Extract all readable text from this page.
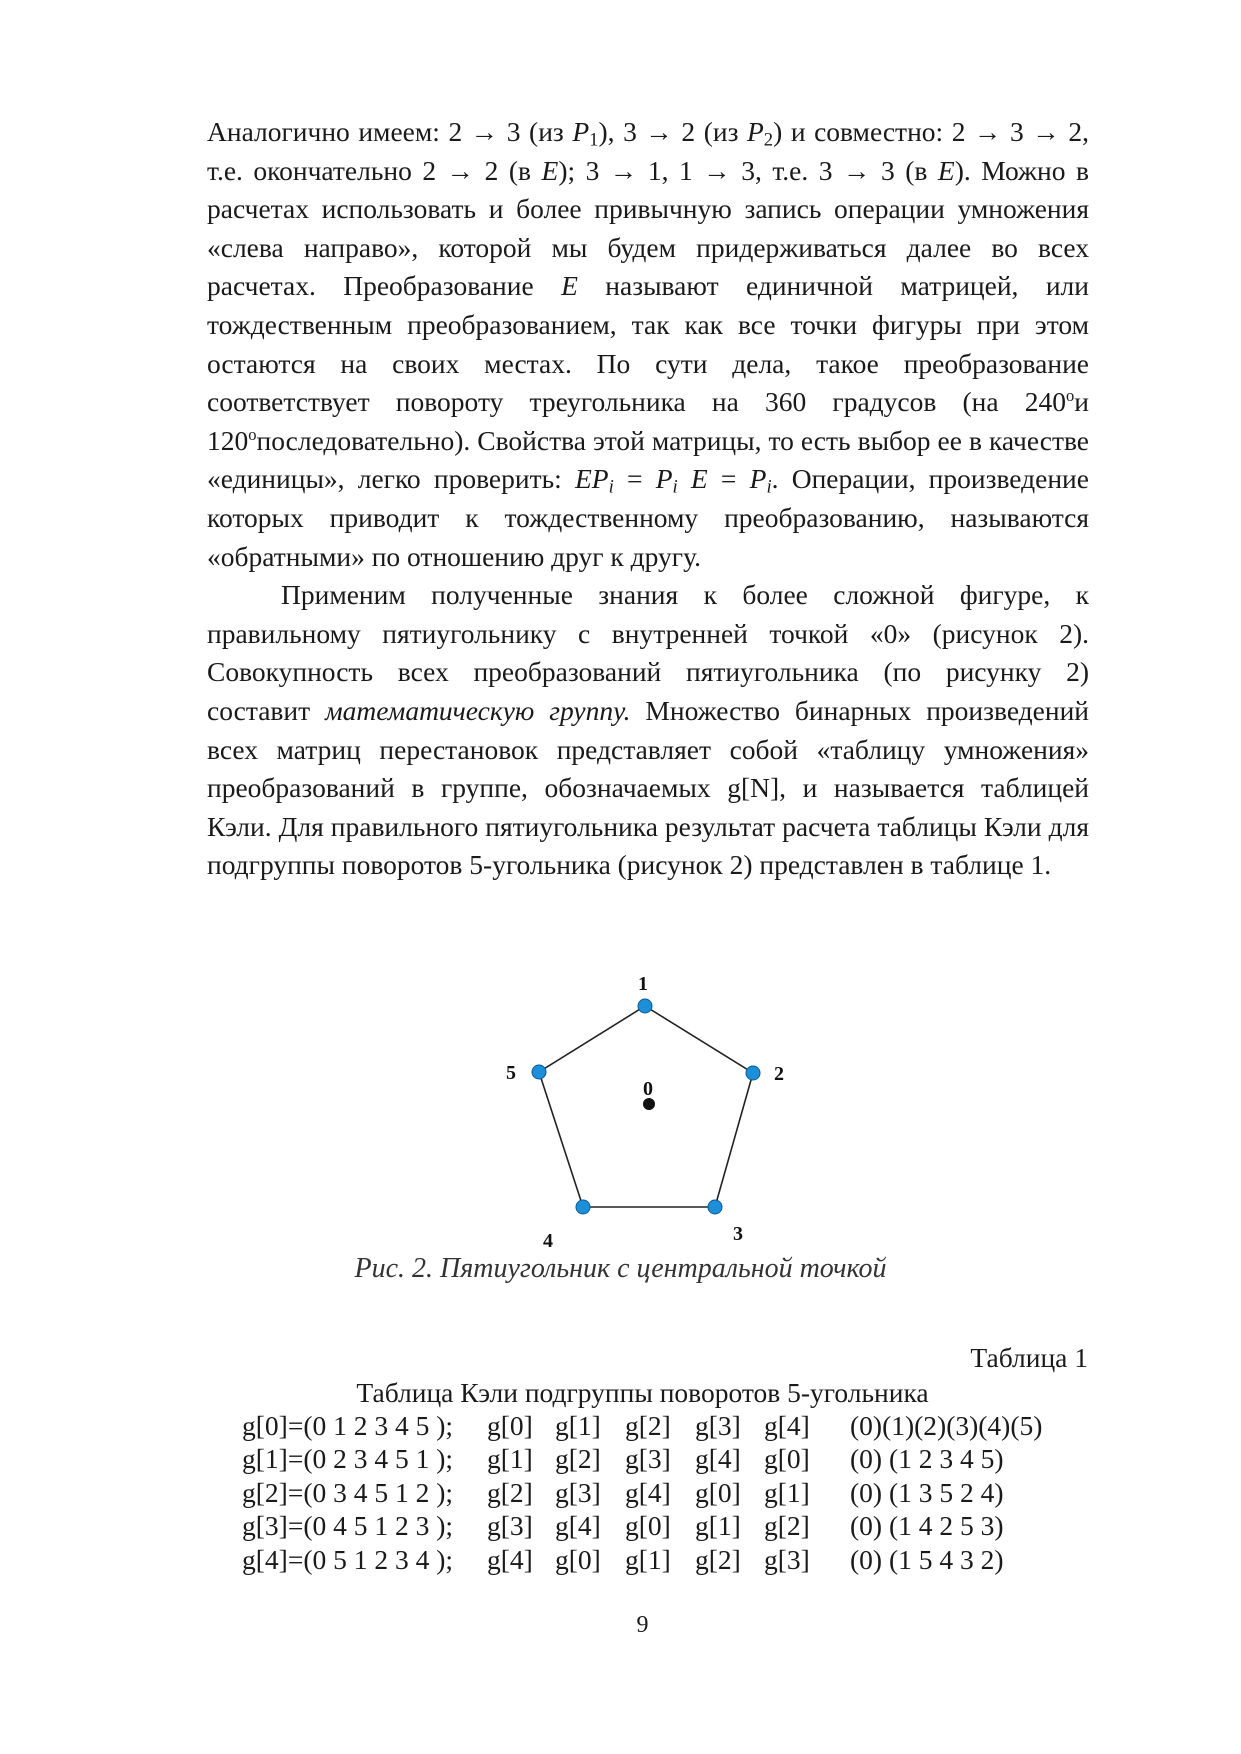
Аналогично имеем: 2 → 3 (из $P_1$), 3 → 2 (из $P_2$) и совместно: 2 → 3 → 2, т.е. окончательно 2 → 2 (в E); 3 → 1, 1 → 3, т.е. 3 → 3 (в E). Можно в расчетах использовать и более привычную запись операции умножения «слева направо», которой мы будем придерживаться далее во всех расчетах. Преобразование E называют единичной матрицей, или тождественным преобразованием, так как все точки фигуры при этом остаются на своих местах. По сути дела, такое преобразование соответствует повороту треугольника на 360 градусов (на $240^ои$ $120^опоследовательно$). Свойства этой матрицы, то есть выбор ее в качестве «единицы», легко проверить: $EP_i = P_i$ $E = P_i$. Операции, произведение которых приводит к тождественному преобразованию, называются «обратными» по отношению друг к другу.

Применим полученные знания к более сложной фигуре, к правильному пятиугольнику с внутренней точкой «0» (рисунок 2). Совокупность всех преобразований пятиугольника (по рисунку 2) составит математическую группу. Множество бинарных произведений всех матриц перестановок представляет собой «таблицу умножения» преобразований в группе, обозначаемых g[N], и называется таблицей Кэли. Для правильного пятиугольника результат расчета таблицы Кэли для подгруппы поворотов 5-угольника (рисунок 2) представлен в таблице 1.

1
2
3
4
5
0
Рис. 2. Пятиугольник с центральной точкой
Таблица 1
Таблица Кэли подгруппы поворотов 5-угольника
g[0]=(0 1 2 3 4 5 ); g[0] g[1] g[2] g[3] g[4] (0)(1)(2)(3)(4)(5)
g[1]=(0 2 3 4 5 1 ); g[1] g[2] g[3] g[4] g[0] (0) (1 2 3 4 5)
g[2]=(0 3 4 5 1 2 ); g[2] g[3] g[4] g[0] g[1] (0) (1 3 5 2 4)
g[3]=(0 4 5 1 2 3 ); g[3] g[4] g[0] g[1] g[2] (0) (1 4 2 5 3)
g[4]=(0 5 1 2 3 4 ); g[4] g[0] g[1] g[2] g[3] (0) (1 5 4 3 2)
9
